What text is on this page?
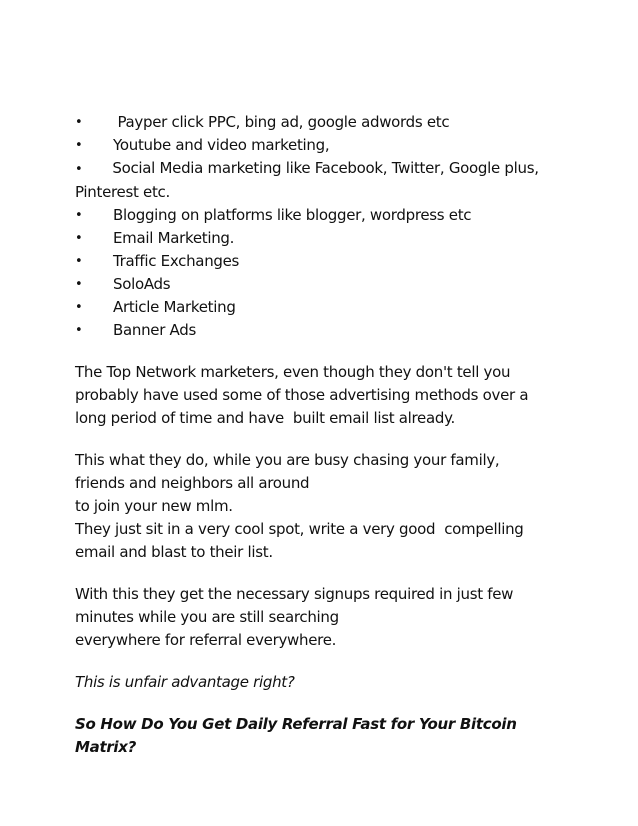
•	Payper click PPC, bing ad, google adwords etc
•	Youtube and video marketing,
• Social Media marketing like Facebook, Twitter, Google plus, Pinterest etc.
•	Blogging on platforms like blogger, wordpress etc
•	Email Marketing.
•	Traffic Exchanges
•	SoloAds
•	Article Marketing
•	Banner Ads

The Top Network marketers, even though they don't tell you
probably have used some of those advertising methods over a
long period of time and have  built email list already.

This what they do, while you are busy chasing your family,
friends and neighbors all around
to join your new mlm.
They just sit in a very cool spot, write a very good  compelling
email and blast to their list.

With this they get the necessary signups required in just few
minutes while you are still searching
everywhere for referral everywhere.

This is unfair advantage right?

So How Do You Get Daily Referral Fast for Your Bitcoin
Matrix?
